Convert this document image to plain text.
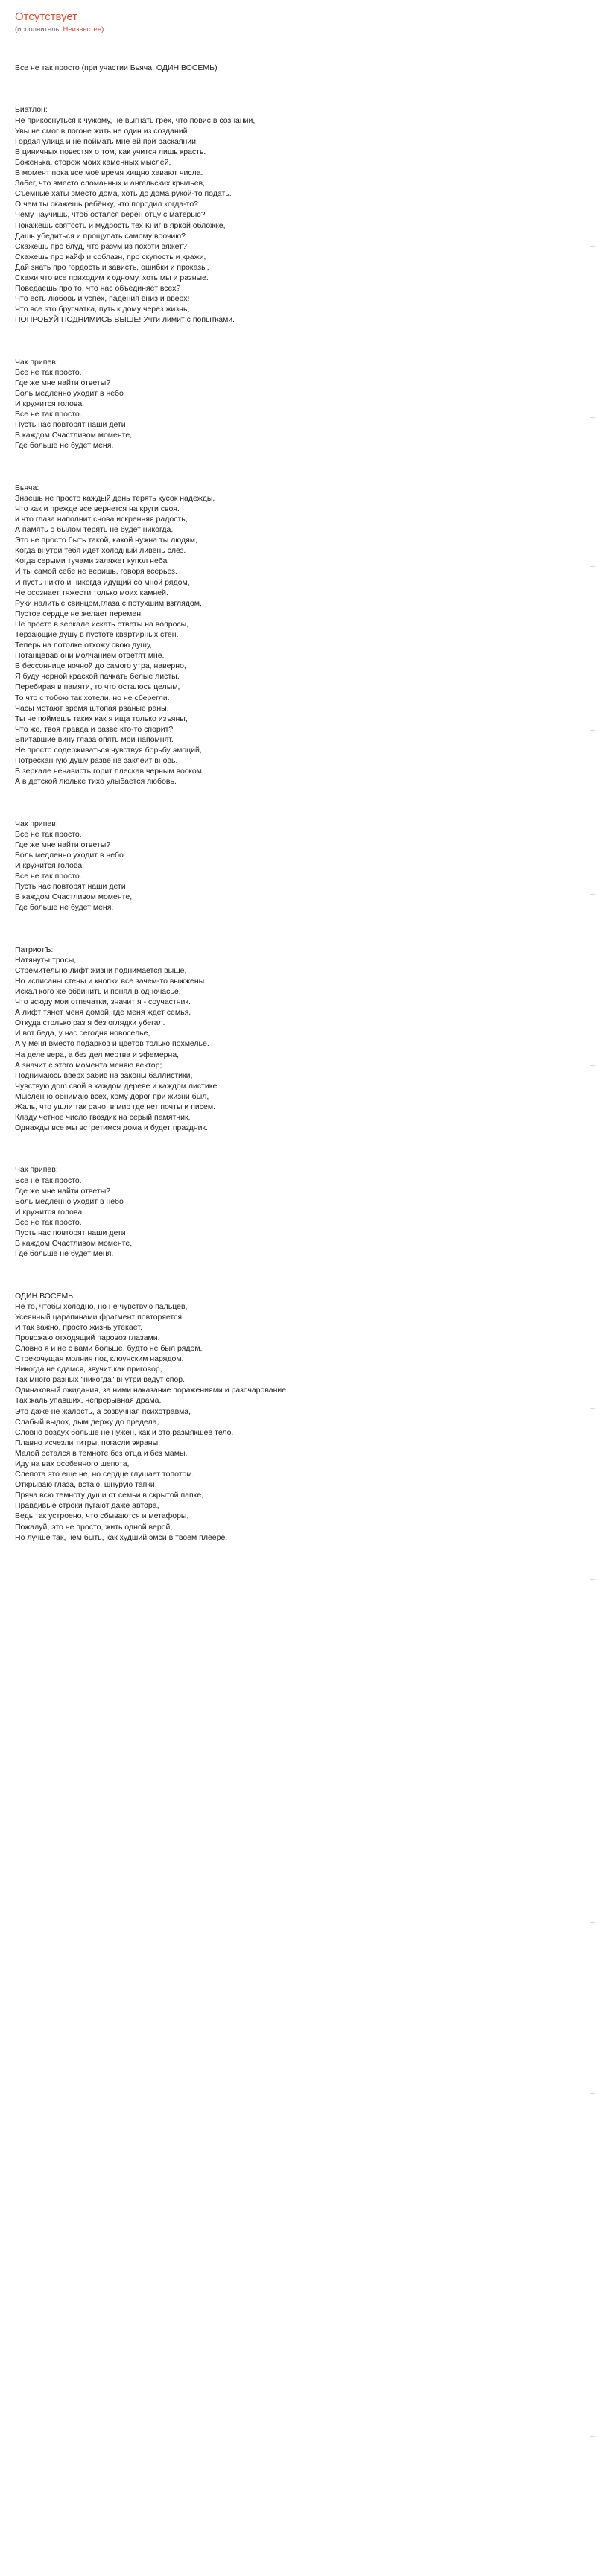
Отсутствует
(исполнитель: Неизвестен)

Все не так просто (при участии Бьяча, ОДИН.ВОСЕМЬ)

Биатлон:
Не прикоснуться к чужому, не выгнать грех, что повис в сознании,
Увы не смог в погоне жить не один из созданий.
Гордая улица и не поймать мне ей при раскаянии,
В циничных повестях о том, как учится лишь красть.
Боженька, сторож моих каменных мыслей,
В момент пока все моё время хищно хавают числа.
Забег, что вместо сломанных и ангельских крыльев,
Съемные хаты вместо дома, хоть до дома рукой-то подать.
О чем ты скажешь ребёнку, что породил когда-то?
Чему научишь, чтоб остался верен отцу с матерью?
Покажешь святость и мудрость тех Книг в яркой обложке,
Дашь убедиться и прощупать самому воочию?
Скажешь про блуд, что разум из похоти вяжет?
Скажешь про кайф и соблазн, про скупость и кражи,
Дай знать про гордость и зависть, ошибки и проказы,
Скажи что все приходим к одному, хоть мы и разные.
Поведаешь про то, что нас объединяет всех?
Что есть любовь и успех, падения вниз и вверх!
Что все это брусчатка, путь к дому через жизнь,
ПОПРОБУЙ ПОДНИМИСЬ ВЫШЕ! Учти лимит с попытками.

Чак припев;
Все не так просто.
Где же мне найти ответы?
Боль медленно уходит в небо
И кружится голова.
Все не так просто.
Пусть нас повторят наши дети
В каждом Счастливом моменте,
Где больше не будет меня.

Бьяча:
Знаешь не просто каждый день терять кусок надежды,
Что как и прежде все вернется на круги своя.
и что глаза наполнит снова искренняя радость,
А память о былом терять не будет никогда.
Это не просто быть такой, какой нужна ты людям,
Когда внутри тебя идет холодный ливень слез.
Когда серыми тучами заляжет купол неба
И ты самой себе не веришь, говоря всерьез.
И пусть никто и никогда идущий со мной рядом,
Не осознает тяжести только моих камней.
Руки налитые свинцом,глаза с потухшим взглядом,
Пустое сердце не желает перемен.
Не просто в зеркале искать ответы на вопросы,
Терзающие душу в пустоте квартирных стен.
Теперь на потолке отхожу свою душу,
Потанцевав они молчанием ответят мне.
В бессоннице ночной до самого утра, наверно,
Я буду черной краской пачкать белые листы,
Перебирая в памяти, то что осталось целым,
То что с тобою так хотели, но не сберегли.
Часы мотают время штопая рваные раны,
Ты не поймешь таких как я ища только изъяны,
Что же, твоя правда и разве кто-то спорит?
Впитавшие вину глаза опять мои напомнят.
Не просто содерживаться чувствуя борьбу эмоций,
Потресканную душу разве не заклеит вновь.
В зеркале ненависть горит плескав черным воском,
А в детской люльке тихо улыбается любовь.

Чак припев;
Все не так просто.
Где же мне найти ответы?
Боль медленно уходит в небо
И кружится голова.
Все не так просто.
Пусть нас повторят наши дети
В каждом Счастливом моменте,
Где больше не будет меня.

ПатриотЪ:
Натянуты тросы,
Стремительно лифт жизни поднимается выше,
Но исписаны стены и кнопки все зачем-то выжжены.
Искал кого же обвинить и понял в одночасье,
Что всюду мои отпечатки, значит я - соучастник.
А лифт тянет меня домой, где меня ждет семья,
Откуда столько раз я без оглядки убегал.
И вот беда, у нас сегодня новоселье,
А у меня вместо подарков и цветов только похмелье.
На деле вера, а без дел мертва и эфемерна,
А значит с этого момента меняю вектор;
Поднимаюсь вверх забив на законы баллистики,
Чувствую дom свой в каждом дереве и каждом листике.
Мысленно обнимаю всех, кому дорог при жизни был,
Жаль, что ушли так рано, в мир где нет почты и писем.
Кладу четное число гвоздик на серый памятник,
Однажды все мы встретимся дома и будет праздник.

Чак припев;
Все не так просто.
Где же мне найти ответы?
Боль медленно уходит в небо
И кружится голова.
Все не так просто.
Пусть нас повторят наши дети
В каждом Счастливом моменте,
Где больше не будет меня.

ОДИН.ВОСЕМЬ:
Не то, чтобы холодно, но не чувствую пальцев,
Усеянный царапинами фрагмент повторяется,
И так важно, просто жизнь утекает,
Провожаю отходящий паровоз глазами.
Словно я и не с вами больше, будто не был рядом,
Стрекочущая молния под клоунским нарядом.
Никогда не сдамся, звучит как приговор,
Так много разных "никогда" внутри ведут спор.
Одинаковый ожидания, за ними наказание поражениями и разочарование.
Так жаль упавших, непрерывная драма,
Это даже не жалость, а созвучная психотравма,
Слабый выдох, дым держу до предела,
Словно воздух больше не нужен, как и это размякшее тело,
Плавно исчезли титры, погасли экраны,
Малой остался в темноте без отца и без мамы,
Иду на вах особенного шепота,
Слепота это еще не, но сердце глушает топотом.
Открываю глаза, встаю, шнурую тапки,
Прячa всю темноту души от семьи в скрытой папке,
Правдивые строки пугают даже автора,
Ведь так устроено, что сбываются и метафоры,
Пожалуй, это не просто, жить одной верой,
Но лучше так, чем быть, как худший эмси в твоем плеере.
